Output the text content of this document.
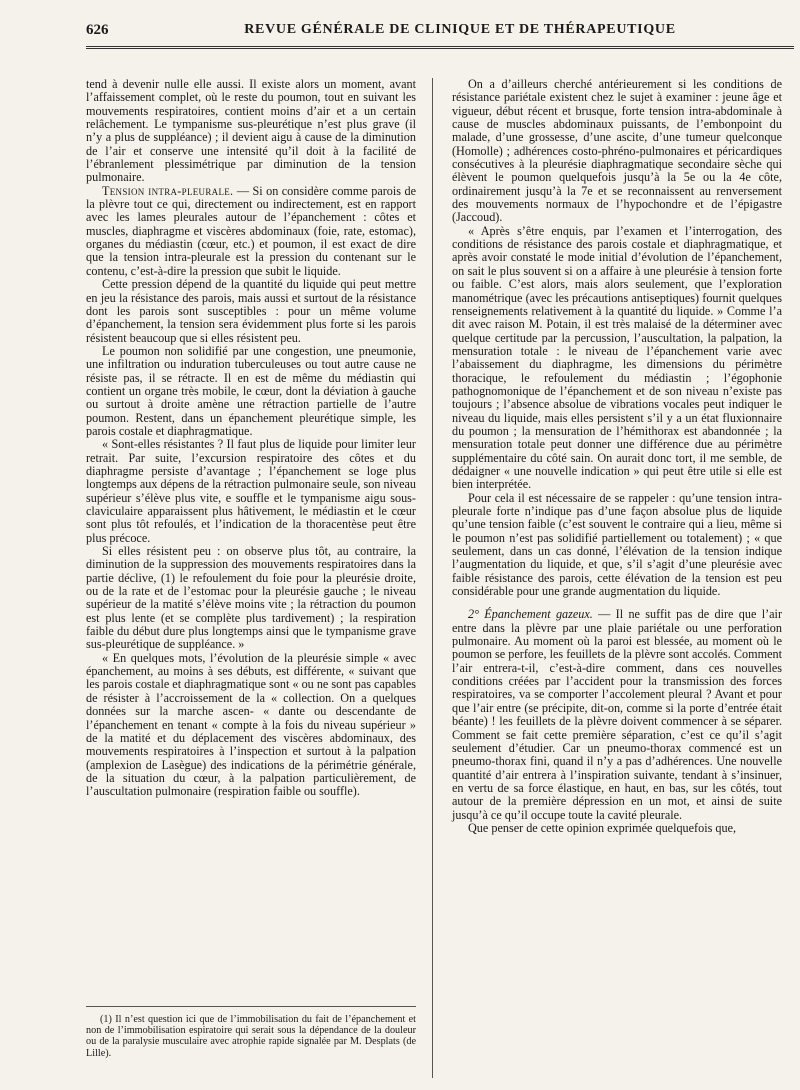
626	REVUE GÉNÉRALE DE CLINIQUE ET DE THÉRAPEUTIQUE

tend à devenir nulle elle aussi. Il existe alors un moment, avant l’affaissement complet, où le reste du poumon, tout en suivant les mouvements respiratoires, contient moins d’air et a un certain relâchement. Le tympanisme sus-pleurétique n’est plus grave (il n’y a plus de suppléance) ; il devient aigu à cause de la diminution de l’air et conserve une intensité qu’il doit à la facilité de l’ébranlement plessimétrique par diminution de la tension pulmonaire.

Tension intra-pleurale. — Si on considère comme parois de la plèvre tout ce qui, directement ou indirectement, est en rapport avec les lames pleurales autour de l’épanchement : côtes et muscles, diaphragme et viscères abdominaux (foie, rate, estomac), organes du médiastin (cœur, etc.) et poumon, il est exact de dire que la tension intra-pleurale est la pression du contenant sur le contenu, c’est-à-dire la pression que subit le liquide.

Cette pression dépend de la quantité du liquide qui peut mettre en jeu la résistance des parois, mais aussi et surtout de la résistance dont les parois sont susceptibles : pour un même volume d’épanchement, la tension sera évidemment plus forte si les parois résistent beaucoup que si elles résistent peu.

Le poumon non solidifié par une congestion, une pneumonie, une infiltration ou induration tuberculeuses ou tout autre cause ne résiste pas, il se rétracte. Il en est de même du médiastin qui contient un organe très mobile, le cœur, dont la déviation à gauche ou surtout à droite amène une rétraction partielle de l’autre poumon. Restent, dans un épanchement pleurétique simple, les parois costale et diaphragmatique.

« Sont-elles résistantes ? Il faut plus de liquide pour limiter leur retrait. Par suite, l’excursion respiratoire des côtes et du diaphragme persiste d’avantage ; l’épanchement se loge plus longtemps aux dépens de la rétraction pulmonaire seule, son niveau supérieur s’élève plus vite, e souffle et le tympanisme aigu sous-claviculaire apparaissent plus hâtivement, le médiastin et le cœur sont plus tôt refoulés, et l’indication de la thoracentèse peut être plus précoce.

Si elles résistent peu : on observe plus tôt, au contraire, la diminution de la suppression des mouvements respiratoires dans la partie déclive, (1) le refoulement du foie pour la pleurésie droite, ou de la rate et de l’estomac pour la pleurésie gauche ; le niveau supérieur de la matité s’élève moins vite ; la rétraction du poumon est plus lente (et se complète plus tardivement) ; la respiration faible du début dure plus longtemps ainsi que le tympanisme grave sus-pleurétique de suppléance. »

« En quelques mots, l’évolution de la pleurésie simple « avec épanchement, au moins à ses débuts, est différente, « suivant que les parois costale et diaphragmatique sont « ou ne sont pas capables de résister à l’accroissement de la « collection. On a quelques données sur la marche ascen- « dante ou descendante de l’épanchement en tenant « compte à la fois du niveau supérieur » de la matité et du déplacement des viscères abdominaux, des mouvements respiratoires à l’inspection et surtout à la palpation (amplexion de Lasègue) des indications de la périmétrie générale, de la situation du cœur, à la palpation particulièrement, de l’auscultation pulmonaire (respiration faible ou souffle).

On a d’ailleurs cherché antérieurement si les conditions de résistance pariétale existent chez le sujet à examiner : jeune âge et vigueur, début récent et brusque, forte tension intra-abdominale à cause de muscles abdominaux puissants, de l’embonpoint du malade, d’une grossesse, d’une ascite, d’une tumeur quelconque (Homolle) ; adhérences costo-phréno-pulmonaires et péricardiques consécutives à la pleurésie diaphragmatique secondaire sèche qui élèvent le poumon quelquefois jusqu’à la 5e ou la 4e côte, ordinairement jusqu’à la 7e et se reconnaissent au renversement des mouvements normaux de l’hypochondre et de l’épigastre (Jaccoud).

« Après s’être enquis, par l’examen et l’interrogation, des conditions de résistance des parois costale et diaphragmatique, et après avoir constaté le mode initial d’évolution de l’épanchement, on sait le plus souvent si on a affaire à une pleurésie à tension forte ou faible. C’est alors, mais alors seulement, que l’exploration manométrique (avec les précautions antiseptiques) fournit quelques renseignements relativement à la quantité du liquide. » Comme l’a dit avec raison M. Potain, il est très malaisé de la déterminer avec quelque certitude par la percussion, l’auscultation, la palpation, la mensuration totale : le niveau de l’épanchement varie avec l’abaissement du diaphragme, les dimensions du périmètre thoracique, le refoulement du médiastin ; l’égophonie pathognomonique de l’épanchement et de son niveau n’existe pas toujours ; l’absence absolue de vibrations vocales peut indiquer le niveau du liquide, mais elles persistent s’il y a un état fluxionnaire du poumon ; la mensuration de l’hémithorax est abandonnée ; la mensuration totale peut donner une différence due au périmètre supplémentaire du côté sain. On aurait donc tort, il me semble, de dédaigner « une nouvelle indication » qui peut être utile si elle est bien interprétée.

Pour cela il est nécessaire de se rappeler : qu’une tension intra-pleurale forte n’indique pas d’une façon absolue plus de liquide qu’une tension faible (c’est souvent le contraire qui a lieu, même si le poumon n’est pas solidifié partiellement ou totalement) ; « que seulement, dans un cas donné, l’élévation de la tension indique l’augmentation du liquide, et que, s’il s’agit d’une pleurésie avec faible résistance des parois, cette élévation de la tension est peu considérable pour une grande augmentation du liquide.

2° Épanchement gazeux. — Il ne suffit pas de dire que l’air entre dans la plèvre par une plaie pariétale ou une perforation pulmonaire. Au moment où la paroi est blessée, au moment où le poumon se perfore, les feuillets de la plèvre sont accolés. Comment l’air entrera-t-il, c’est-à-dire comment, dans ces nouvelles conditions créées par l’accident pour la transmission des forces respiratoires, va se comporter l’accolement pleural ? Avant et pour que l’air entre (se précipite, dit-on, comme si la porte d’entrée était béante) ! les feuillets de la plèvre doivent commencer à se séparer. Comment se fait cette première séparation, c’est ce qu’il s’agit seulement d’étudier. Car un pneumo-thorax commencé est un pneumo-thorax fini, quand il n’y a pas d’adhérences. Une nouvelle quantité d’air entrera à l’inspiration suivante, tendant à s’insinuer, en vertu de sa force élastique, en haut, en bas, sur les côtés, tout autour de la première dépression en un mot, et ainsi de suite jusqu’à ce qu’il occupe toute la cavité pleurale.

Que penser de cette opinion exprimée quelquefois que,

(1) Il n’est question ici que de l’immobilisation du fait de l’épanchement et non de l’immobilisation espiratoire qui serait sous la dépendance de la douleur ou de la paralysie musculaire avec atrophie rapide signalée par M. Desplats (de Lille).
